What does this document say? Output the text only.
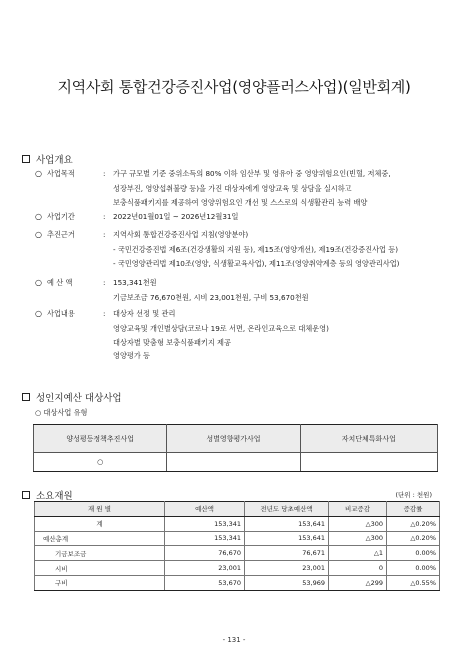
지역사회 통합건강증진사업(영양플러스사업)(일반회계)
사업개요
○ 사업목적	:	가구 규모별 기준 중위소득의 80% 이하 임산부 및 영유아 중 영양위험요인(빈혈, 저체중,
성장부진, 영양섭취불량 등)을 가진 대상자에게 영양교육 및 상담을 실시하고
보충식품패키지를 제공하여 영양위험요인 개선 및 스스로의 식생활관리 능력 배양
○ 사업기간	:	2022년01월01일 ~ 2026년12월31일
○ 추진근거	:	지역사회 통합건강증진사업 지침(영양분야)
- 국민건강증진법 제6조(건강생활의 지원 등), 제15조(영양개선), 제19조(건강증진사업 등)
- 국민영양관리법 제10조(영양, 식생활교육사업), 제11조(영양취약계층 등의 영양관리사업)
○ 예 산 액	:	153,341천원
기금보조금 76,670천원, 시비 23,001천원, 구비 53,670천원
○ 사업내용	:	대상자 선정 및 관리
영양교육및 개인별상담(코로나 19로 서면, 온라인교육으로 대체운영)
대상자별 맞춤형 보충식품패키지 제공
영양평가 등
성인지예산 대상사업
○ 대상사업 유형
양성평등정책추진사업	성별영향평가사업	자치단체특화사업
○		
소요재원	(단위 : 천원)
재 원 별	예산액	전년도 당초예산액	비교증감	증감률
계	153,341	153,641	△300	△0.20%
예산총계	153,341	153,641	△300	△0.20%
기금보조금	76,670	76,671	△1	0.00%
시비	23,001	23,001	0	0.00%
구비	53,670	53,969	△299	△0.55%
- 131 -
